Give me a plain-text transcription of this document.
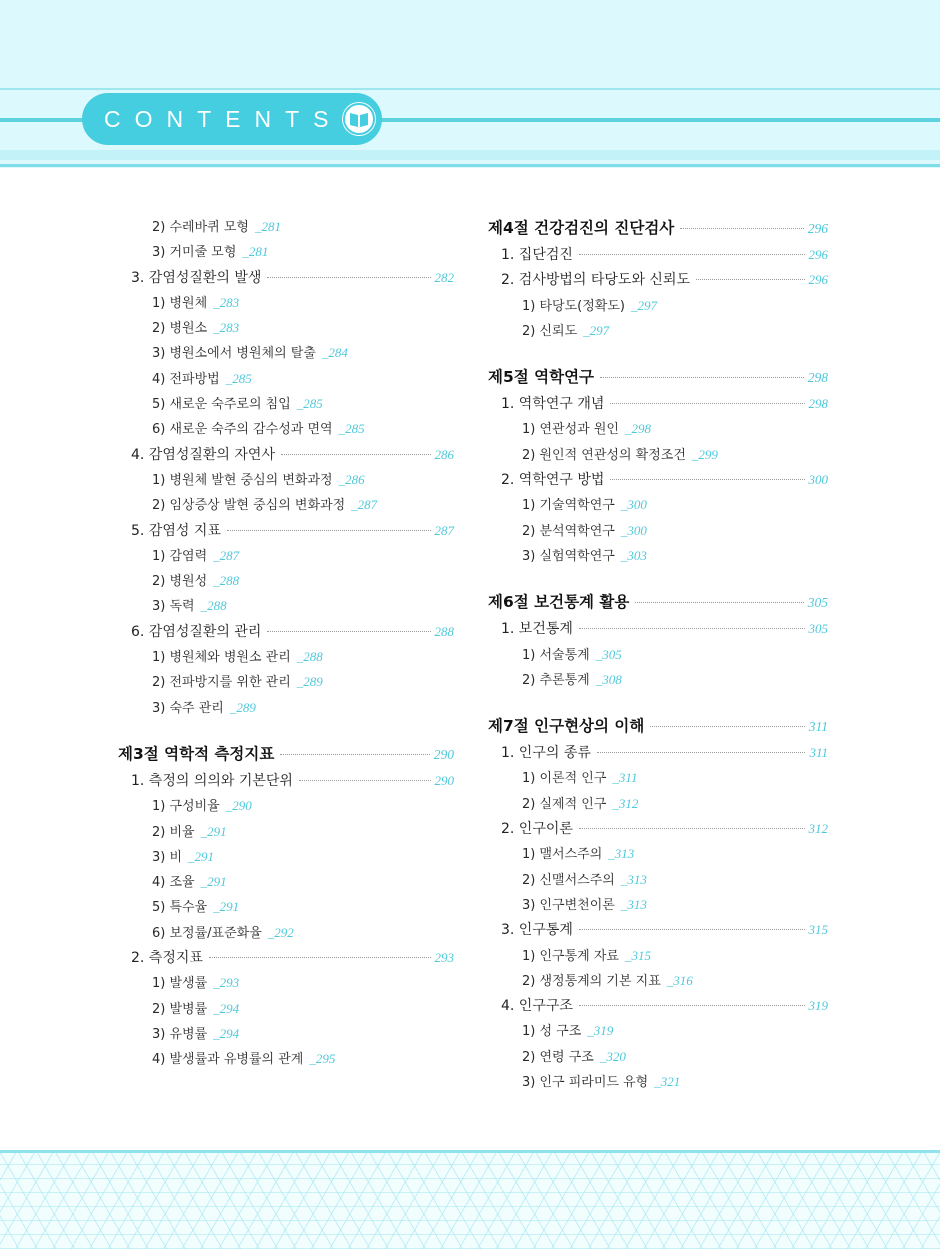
CONTENTS
2) 수레바퀴 모형 _ 281
3) 거미줄 모형 _ 281
3. 감염성질환의 발생	282
1) 병원체 _ 283
2) 병원소 _ 283
3) 병원소에서 병원체의 탈출 _ 284
4) 전파방법 _ 285
5) 새로운 숙주로의 침입 _ 285
6) 새로운 숙주의 감수성과 면역 _ 285
4. 감염성질환의 자연사	286
1) 병원체 발현 중심의 변화과정 _ 286
2) 임상증상 발현 중심의 변화과정 _ 287
5. 감염성 지표	287
1) 감염력 _ 287
2) 병원성 _ 288
3) 독력 _ 288
6. 감염성질환의 관리	288
1) 병원체와 병원소 관리 _ 288
2) 전파방지를 위한 관리 _ 289
3) 숙주 관리 _ 289
제3절 역학적 측정지표	290
1. 측정의 의의와 기본단위	290
1) 구성비율 _ 290
2) 비율 _ 291
3) 비 _ 291
4) 조율 _ 291
5) 특수율 _ 291
6) 보정률/표준화율 _ 292
2. 측정지표	293
1) 발생률 _ 293
2) 발병률 _ 294
3) 유병률 _ 294
4) 발생률과 유병률의 관계 _ 295
제4절 건강검진의 진단검사	296
1. 집단검진	296
2. 검사방법의 타당도와 신뢰도	296
1) 타당도(정확도) _ 297
2) 신뢰도 _ 297
제5절 역학연구	298
1. 역학연구 개념	298
1) 연관성과 원인 _ 298
2) 원인적 연관성의 확정조건 _ 299
2. 역학연구 방법	300
1) 기술역학연구 _ 300
2) 분석역학연구 _ 300
3) 실험역학연구 _ 303
제6절 보건통계 활용	305
1. 보건통계	305
1) 서술통계 _ 305
2) 추론통계 _ 308
제7절 인구현상의 이해	311
1. 인구의 종류	311
1) 이론적 인구 _ 311
2) 실제적 인구 _ 312
2. 인구이론	312
1) 맬서스주의 _ 313
2) 신맬서스주의 _ 313
3) 인구변천이론 _ 313
3. 인구통계	315
1) 인구통계 자료 _ 315
2) 생정통계의 기본 지표 _ 316
4. 인구구조	319
1) 성 구조 _ 319
2) 연령 구조 _ 320
3) 인구 피라미드 유형 _ 321
